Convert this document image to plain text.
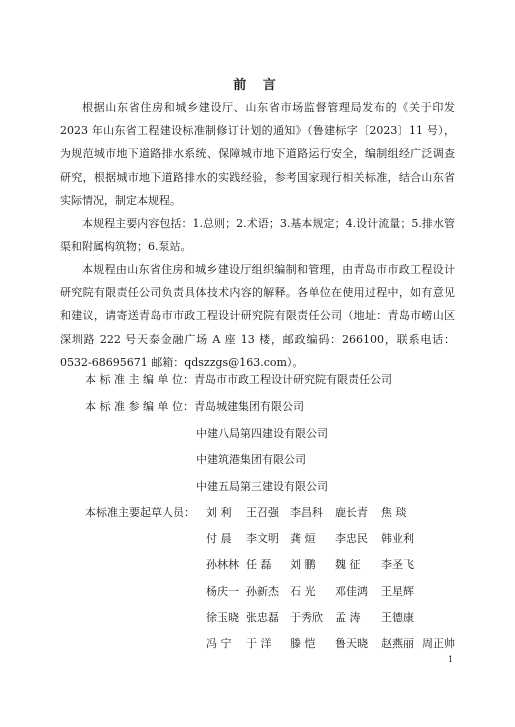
前 言

根据山东省住房和城乡建设厅、山东省市场监督管理局发布的《关于印发 2023 年山东省工程建设标准制修订计划的通知》（鲁建标字〔2023〕11 号），为规范城市地下道路排水系统、保障城市地下道路运行安全，编制组经广泛调查研究，根据城市地下道路排水的实践经验，参考国家现行相关标准，结合山东省实际情况，制定本规程。

本规程主要内容包括：1.总则；2.术语；3.基本规定；4.设计流量；5.排水管渠和附属构筑物；6.泵站。

本规程由山东省住房和城乡建设厅组织编制和管理，由青岛市市政工程设计研究院有限责任公司负责具体技术内容的解释。各单位在使用过程中，如有意见和建议，请寄送青岛市市政工程设计研究院有限责任公司（地址：青岛市崂山区深圳路 222 号天泰金融广场 A 座 13 楼，邮政编码：266100，联系电话：0532-68695671 邮箱：qdszzgs@163.com）。

本 标 准 主 编 单 位：青岛市市政工程设计研究院有限责任公司
本 标 准 参 编 单 位：青岛城建集团有限公司
中建八局第四建设有限公司
中建筑港集团有限公司
中建五局第三建设有限公司
本标准主要起草人员： 刘 利 王召强 李昌科 鹿长青 焦 琰
付 晨 李文明 龚 烜 李忠民 韩业利
孙林林 任 磊 刘 鹏 魏 征 李圣飞
杨庆一 孙新杰 石 光 邓佳鸿 王星辉
徐玉晓 张忠磊 于秀欣 孟 涛 王德康
冯 宁 于 洋 滕 恺 鲁天晓 赵燕丽 周正帅
1
